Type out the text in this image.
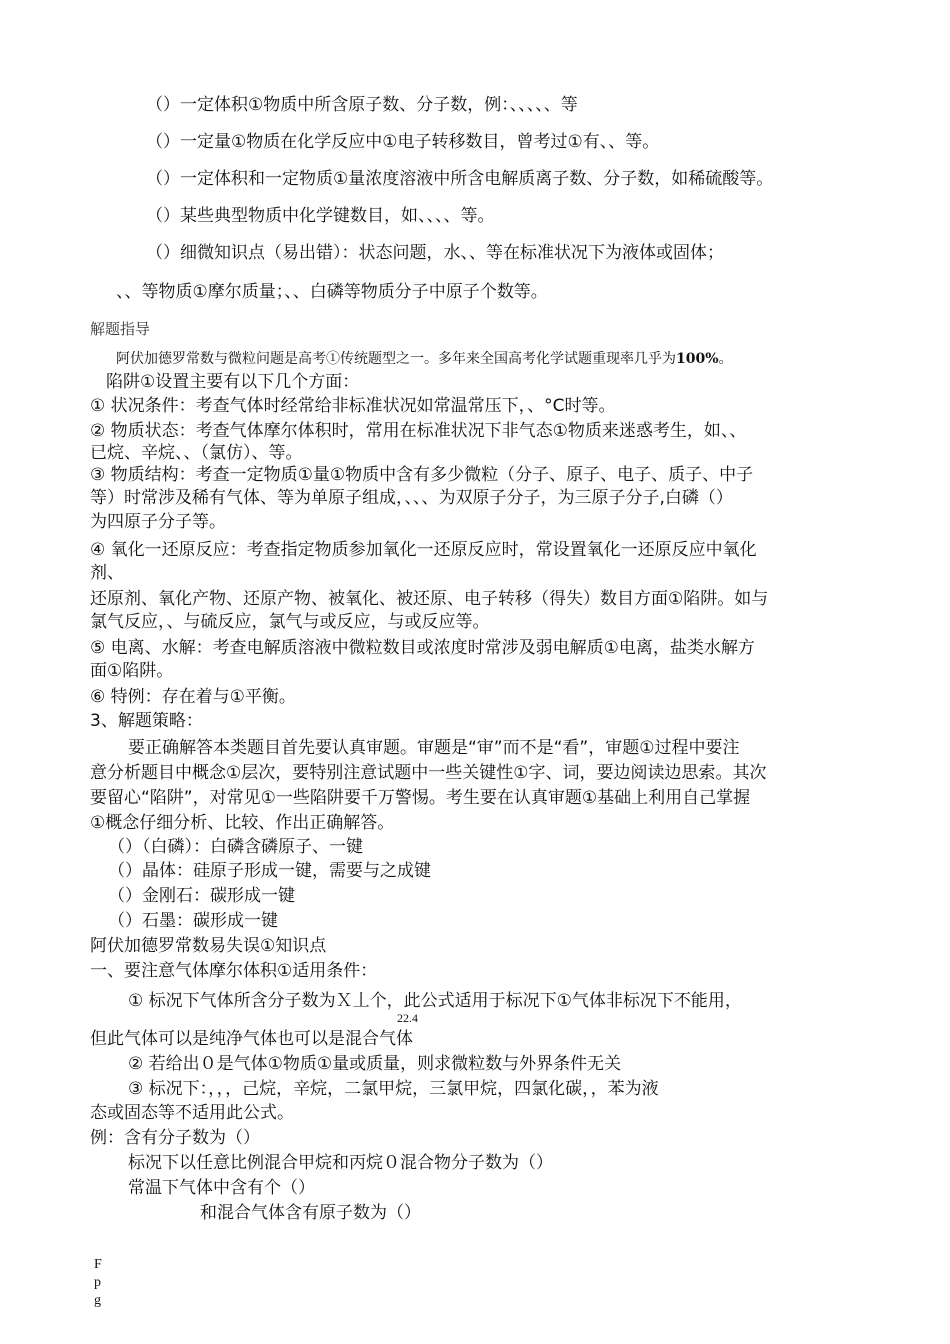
（）一定体积①物质中所含原子数、分子数，例：、、、、、等
（）一定量①物质在化学反应中①电子转移数目，曾考过①有、、等。
（）一定体积和一定物质①量浓度溶液中所含电解质离子数、分子数，如稀硫酸等。
（）某些典型物质中化学键数目，如、、、、等。
（）细微知识点（易出错）：状态问题，水、、等在标准状况下为液体或固体；
、、等物质①摩尔质量；、、白磷等物质分子中原子个数等。
解题指导
阿伏加德罗常数与微粒问题是高考①传统题型之一。多年来全国高考化学试题重现率几乎为100%。
陷阱①设置主要有以下几个方面：
① 状况条件：考查气体时经常给非标准状况如常温常压下，、°C时等。
② 物质状态：考查气体摩尔体积时，常用在标准状况下非气态①物质来迷惑考生，如、、
已烷、辛烷、、（氯仿）、等。
③ 物质结构：考查一定物质①量①物质中含有多少微粒（分子、原子、电子、质子、中子
等）时常涉及稀有气体、等为单原子组成，、、、为双原子分子，为三原子分子,白磷（）
为四原子分子等。
④ 氧化一还原反应：考查指定物质参加氧化一还原反应时，常设置氧化一还原反应中氧化
剂、
还原剂、氧化产物、还原产物、被氧化、被还原、电子转移（得失）数目方面①陷阱。如与
氯气反应，、与硫反应，氯气与或反应，与或反应等。
⑤ 电离、水解：考查电解质溶液中微粒数目或浓度时常涉及弱电解质①电离，盐类水解方
面①陷阱。
⑥ 特例：存在着与①平衡。
3、解题策略：
要正确解答本类题目首先要认真审题。审题是“审”而不是“看”，审题①过程中要注
意分析题目中概念①层次，要特别注意试题中一些关键性①字、词，要边阅读边思索。其次
要留心“陷阱”，对常见①一些陷阱要千万警惕。考生要在认真审题①基础上利用自己掌握
①概念仔细分析、比较、作出正确解答。
（）（白磷）：白磷含磷原子、一键
（）晶体：硅原子形成一键，需要与之成键
（）金刚石：碳形成一键
（）石墨：碳形成一键
阿伏加德罗常数易失误①知识点
一、要注意气体摩尔体积①适用条件：
① 标况下气体所含分子数为Ｘ丄个，此公式适用于标况下①气体非标况下不能用，
22.4
但此气体可以是纯净气体也可以是混合气体
② 若给出０是气体①物质①量或质量，则求微粒数与外界条件无关
③ 标况下：，，，己烷，辛烷，二氯甲烷，三氯甲烷，四氯化碳，，苯为液
态或固态等不适用此公式。
例：含有分子数为（）
标况下以任意比例混合甲烷和丙烷０混合物分子数为（）
常温下气体中含有个（）
和混合气体含有原子数为（）
F
p
g
